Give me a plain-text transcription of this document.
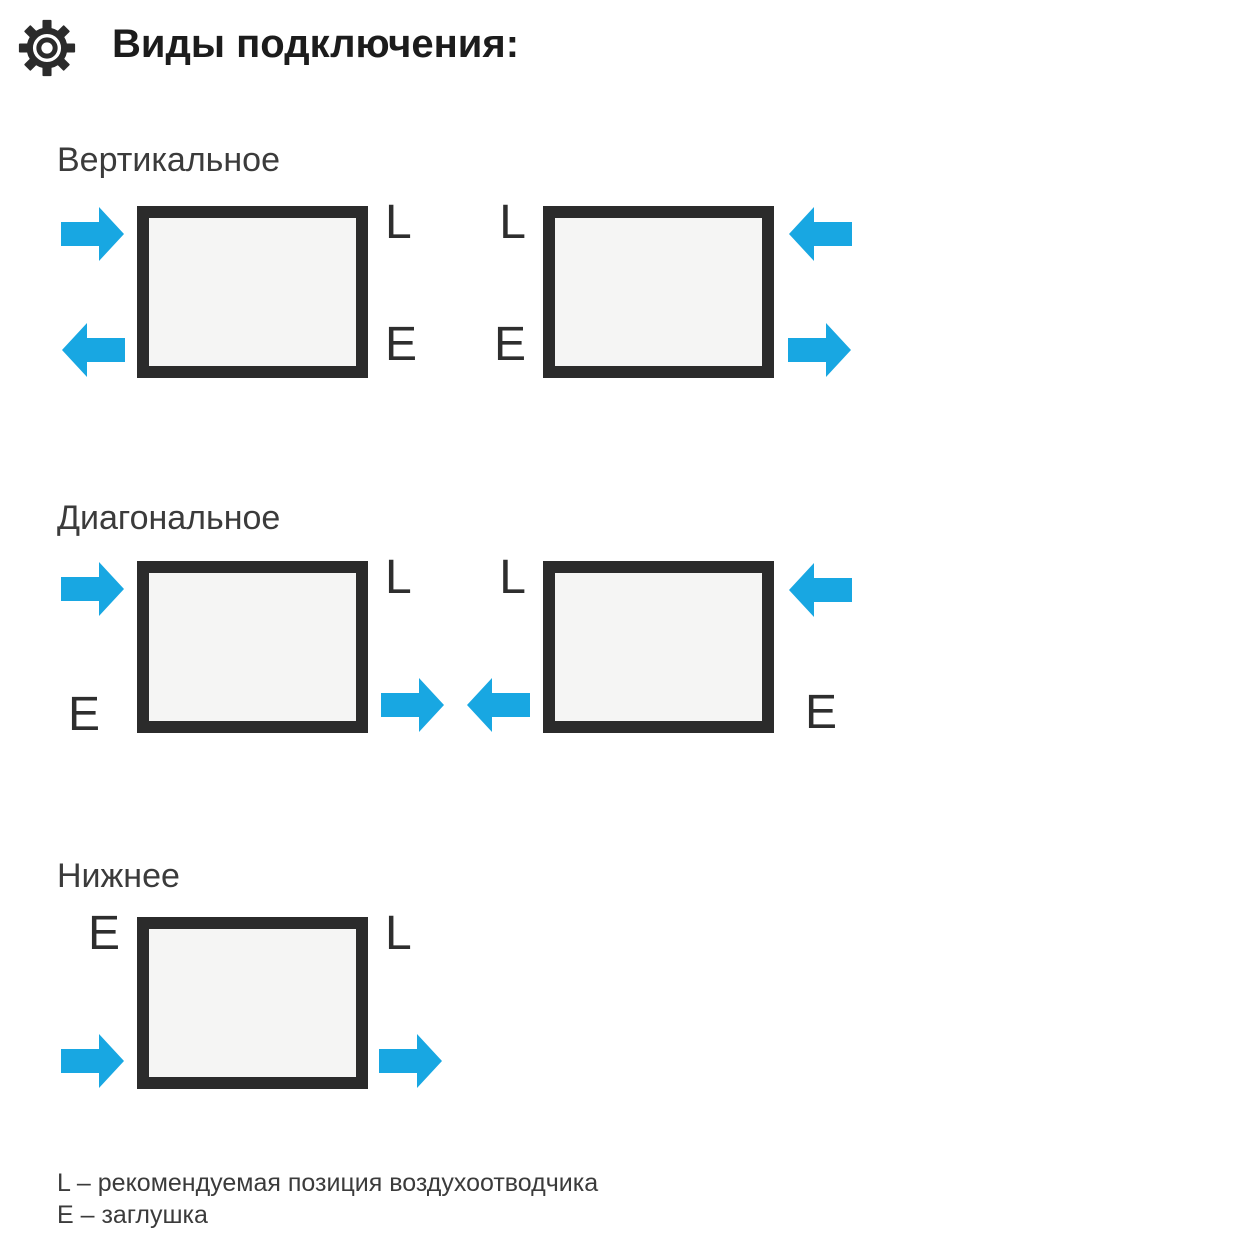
Виды подключения:
Вертикальное
L
E
L
E
Диагональное
L
E
L
E
Нижнее
E	L
L – рекомендуемая позиция воздухоотводчика
E – заглушка
